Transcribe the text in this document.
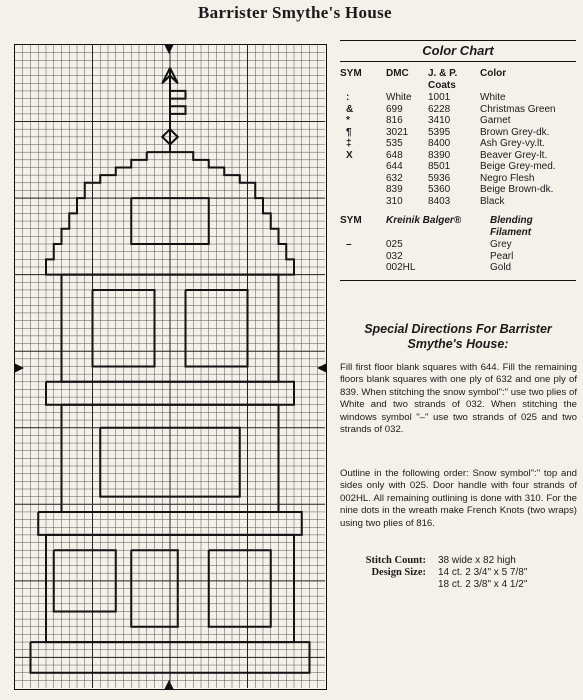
Barrister Smythe's House
Color Chart
SYM	DMC	J. & P. Coats	Color
:	White	1001	White
&	699	6228	Christmas Green
*	816	3410	Garnet
¶	3021	5395	Brown Grey-dk.
‡	535	8400	Ash Grey-vy.lt.
X	648	8390	Beaver Grey-lt.
	644	8501	Beige Grey-med.
	632	5936	Negro Flesh
	839	5360	Beige Brown-dk.
	310	8403	Black
SYM	Kreinik Balger®	Blending Filament
–	025	Grey
	032	Pearl
	002HL	Gold
Special Directions For Barrister Smythe's House:
Fill first floor blank squares with 644. Fill the remaining floors blank squares with one ply of 632 and one ply of 839. When stitching the snow symbol":" use two plies of White and two strands of 032. When stitching the windows symbol "–" use two strands of 025 and two strands of 032.
Outline in the following order: Snow symbol":" top and sides only with 025. Door handle with four strands of 002HL. All remaining outlining is done with 310. For the nine dots in the wreath make French Knots (two wraps) using two plies of 816.
Stitch Count:	38 wide x 82 high
Design Size:	14 ct. 2 3/4" x 5 7/8"
18 ct. 2 3/8" x 4 1/2"
